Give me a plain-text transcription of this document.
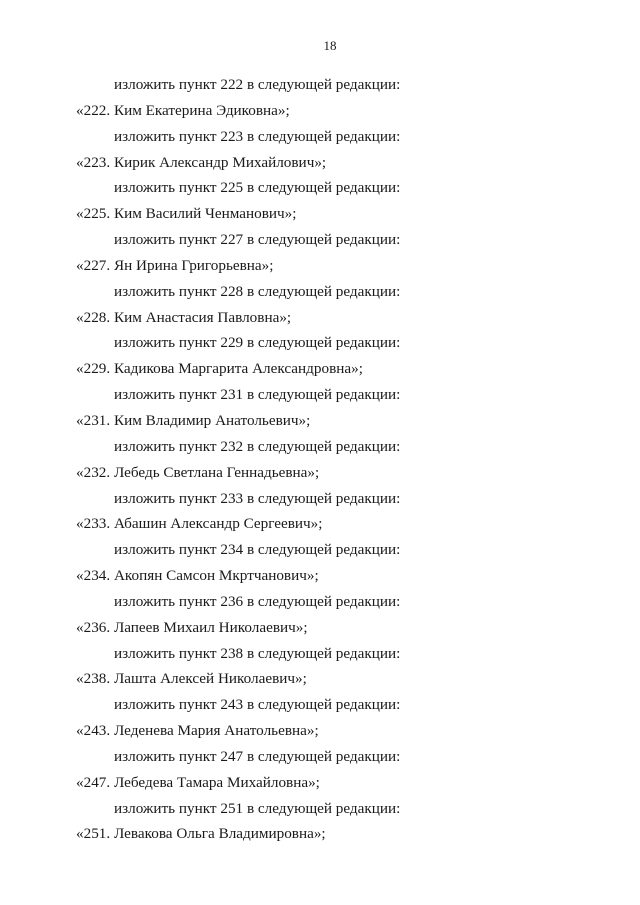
18
изложить пункт 222 в следующей редакции:
«222. Ким Екатерина Эдиковна»;
изложить пункт 223 в следующей редакции:
«223. Кирик Александр Михайлович»;
изложить пункт 225 в следующей редакции:
«225. Ким Василий Ченманович»;
изложить пункт 227 в следующей редакции:
«227. Ян Ирина Григорьевна»;
изложить пункт 228 в следующей редакции:
«228. Ким Анастасия Павловна»;
изложить пункт 229 в следующей редакции:
«229. Кадикова Маргарита Александровна»;
изложить пункт 231 в следующей редакции:
«231. Ким Владимир Анатольевич»;
изложить пункт 232 в следующей редакции:
«232. Лебедь Светлана Геннадьевна»;
изложить пункт 233 в следующей редакции:
«233. Абашин Александр Сергеевич»;
изложить пункт 234 в следующей редакции:
«234. Акопян Самсон Мкртчанович»;
изложить пункт 236 в следующей редакции:
«236. Лапеев Михаил Николаевич»;
изложить пункт 238 в следующей редакции:
«238. Лашта Алексей Николаевич»;
изложить пункт 243 в следующей редакции:
«243. Леденева Мария Анатольевна»;
изложить пункт 247 в следующей редакции:
«247. Лебедева Тамара Михайловна»;
изложить пункт 251 в следующей редакции:
«251. Левакова Ольга Владимировна»;
